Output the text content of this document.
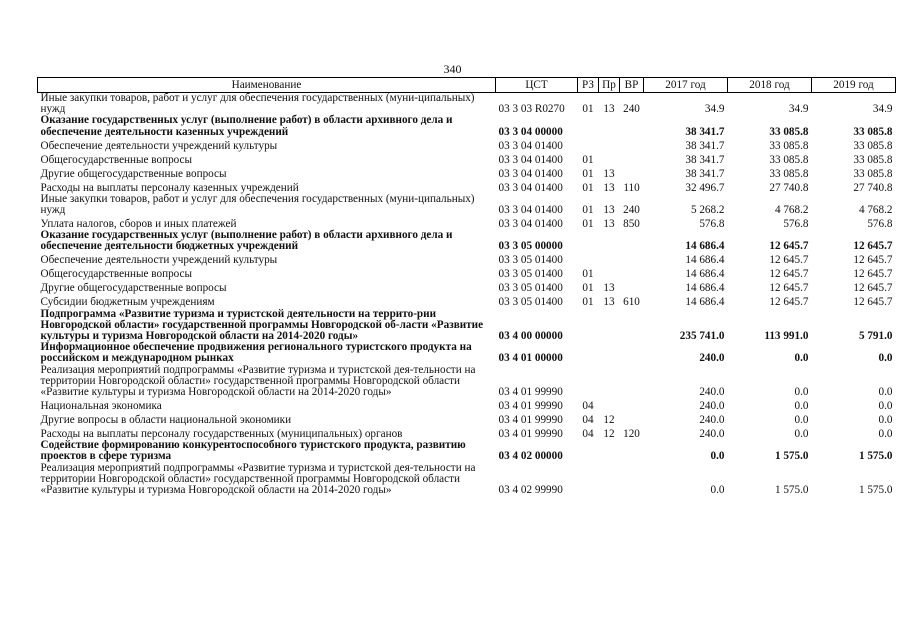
340
Наименование	ЦСТ	РЗ	Пр	ВР	2017 год	2018 год	2019 год
Иные закупки товаров, работ и услуг для обеспечения государственных (муни-ципальных) нужд	03 3 03 R0270	01	13	240	34.9	34.9	34.9
Оказание государственных услуг (выполнение работ) в области архивного дела и обеспечение деятельности казенных учреждений	03 3 04 00000				38 341.7	33 085.8	33 085.8
Обеспечение деятельности учреждений культуры	03 3 04 01400				38 341.7	33 085.8	33 085.8
Общегосударственные вопросы	03 3 04 01400	01			38 341.7	33 085.8	33 085.8
Другие общегосударственные вопросы	03 3 04 01400	01	13		38 341.7	33 085.8	33 085.8
Расходы на выплаты персоналу казенных учреждений	03 3 04 01400	01	13	110	32 496.7	27 740.8	27 740.8
Иные закупки товаров, работ и услуг для обеспечения государственных (муни-ципальных) нужд	03 3 04 01400	01	13	240	5 268.2	4 768.2	4 768.2
Уплата налогов, сборов и иных платежей	03 3 04 01400	01	13	850	576.8	576.8	576.8
Оказание государственных услуг (выполнение работ) в области архивного дела и обеспечение деятельности бюджетных учреждений	03 3 05 00000				14 686.4	12 645.7	12 645.7
Обеспечение деятельности учреждений культуры	03 3 05 01400				14 686.4	12 645.7	12 645.7
Общегосударственные вопросы	03 3 05 01400	01			14 686.4	12 645.7	12 645.7
Другие общегосударственные вопросы	03 3 05 01400	01	13		14 686.4	12 645.7	12 645.7
Субсидии бюджетным учреждениям	03 3 05 01400	01	13	610	14 686.4	12 645.7	12 645.7
Подпрограмма «Развитие туризма и туристской деятельности на террито-рии Новгородской области» государственной программы Новгородской об-ласти «Развитие культуры и туризма Новгородской области на 2014-2020 годы»	03 4 00 00000				235 741.0	113 991.0	5 791.0
Информационное обеспечение продвижения регионального туристского продукта на российском и международном рынках	03 4 01 00000				240.0	0.0	0.0
Реализация мероприятий подпрограммы «Развитие туризма и туристской дея-тельности на территории Новгородской области» государственной программы Новгородской области «Развитие культуры и туризма Новгородской области на 2014-2020 годы»	03 4 01 99990				240.0	0.0	0.0
Национальная экономика	03 4 01 99990	04			240.0	0.0	0.0
Другие вопросы в области национальной экономики	03 4 01 99990	04	12		240.0	0.0	0.0
Расходы на выплаты персоналу государственных (муниципальных) органов	03 4 01 99990	04	12	120	240.0	0.0	0.0
Содействие формированию конкурентоспособного туристского продукта, развитию проектов в сфере туризма	03 4 02 00000				0.0	1 575.0	1 575.0
Реализация мероприятий подпрограммы «Развитие туризма и туристской дея-тельности на территории Новгородской области» государственной программы Новгородской области «Развитие культуры и туризма Новгородской области на 2014-2020 годы»	03 4 02 99990				0.0	1 575.0	1 575.0
